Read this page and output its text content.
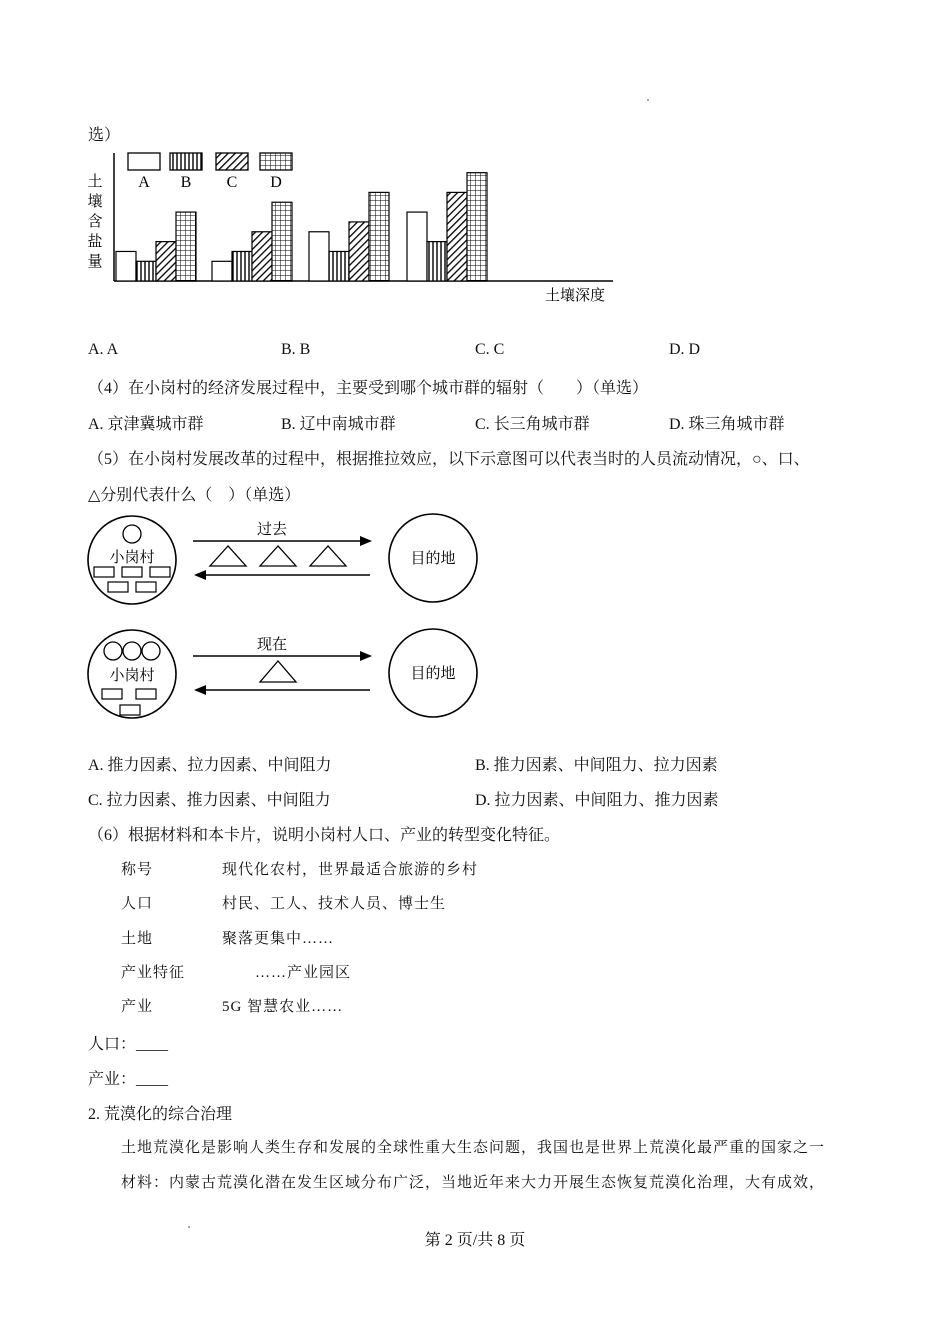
选）
土
壤
含
盐
量
土壤深度
A B C D
A. A	B. B	C. C	D. D
（4）在小岗村的经济发展过程中，主要受到哪个城市群的辐射（　　）（单选）
A. 京津冀城市群	B. 辽中南城市群	C. 长三角城市群	D. 珠三角城市群
（5）在小岗村发展改革的过程中，根据推拉效应，以下示意图可以代表当时的人员流动情况，○、口、
△分别代表什么（　）（单选）
小岗村
过去
目的地
小岗村
现在
目的地
A. 推力因素、拉力因素、中间阻力	B. 推力因素、中间阻力、拉力因素
C. 拉力因素、推力因素、中间阻力	D. 拉力因素、中间阻力、推力因素
（6）根据材料和本卡片，说明小岗村人口、产业的转型变化特征。
称号	现代化农村，世界最适合旅游的乡村
人口	村民、工人、技术人员、博士生
土地	聚落更集中……
产业特征	……产业园区
产业	5G 智慧农业……
人口：____
产业：____
2. 荒漠化的综合治理
土地荒漠化是影响人类生存和发展的全球性重大生态问题，我国也是世界上荒漠化最严重的国家之一
材料：内蒙古荒漠化潜在发生区域分布广泛，当地近年来大力开展生态恢复荒漠化治理，大有成效，
第 2 页/共 8 页
